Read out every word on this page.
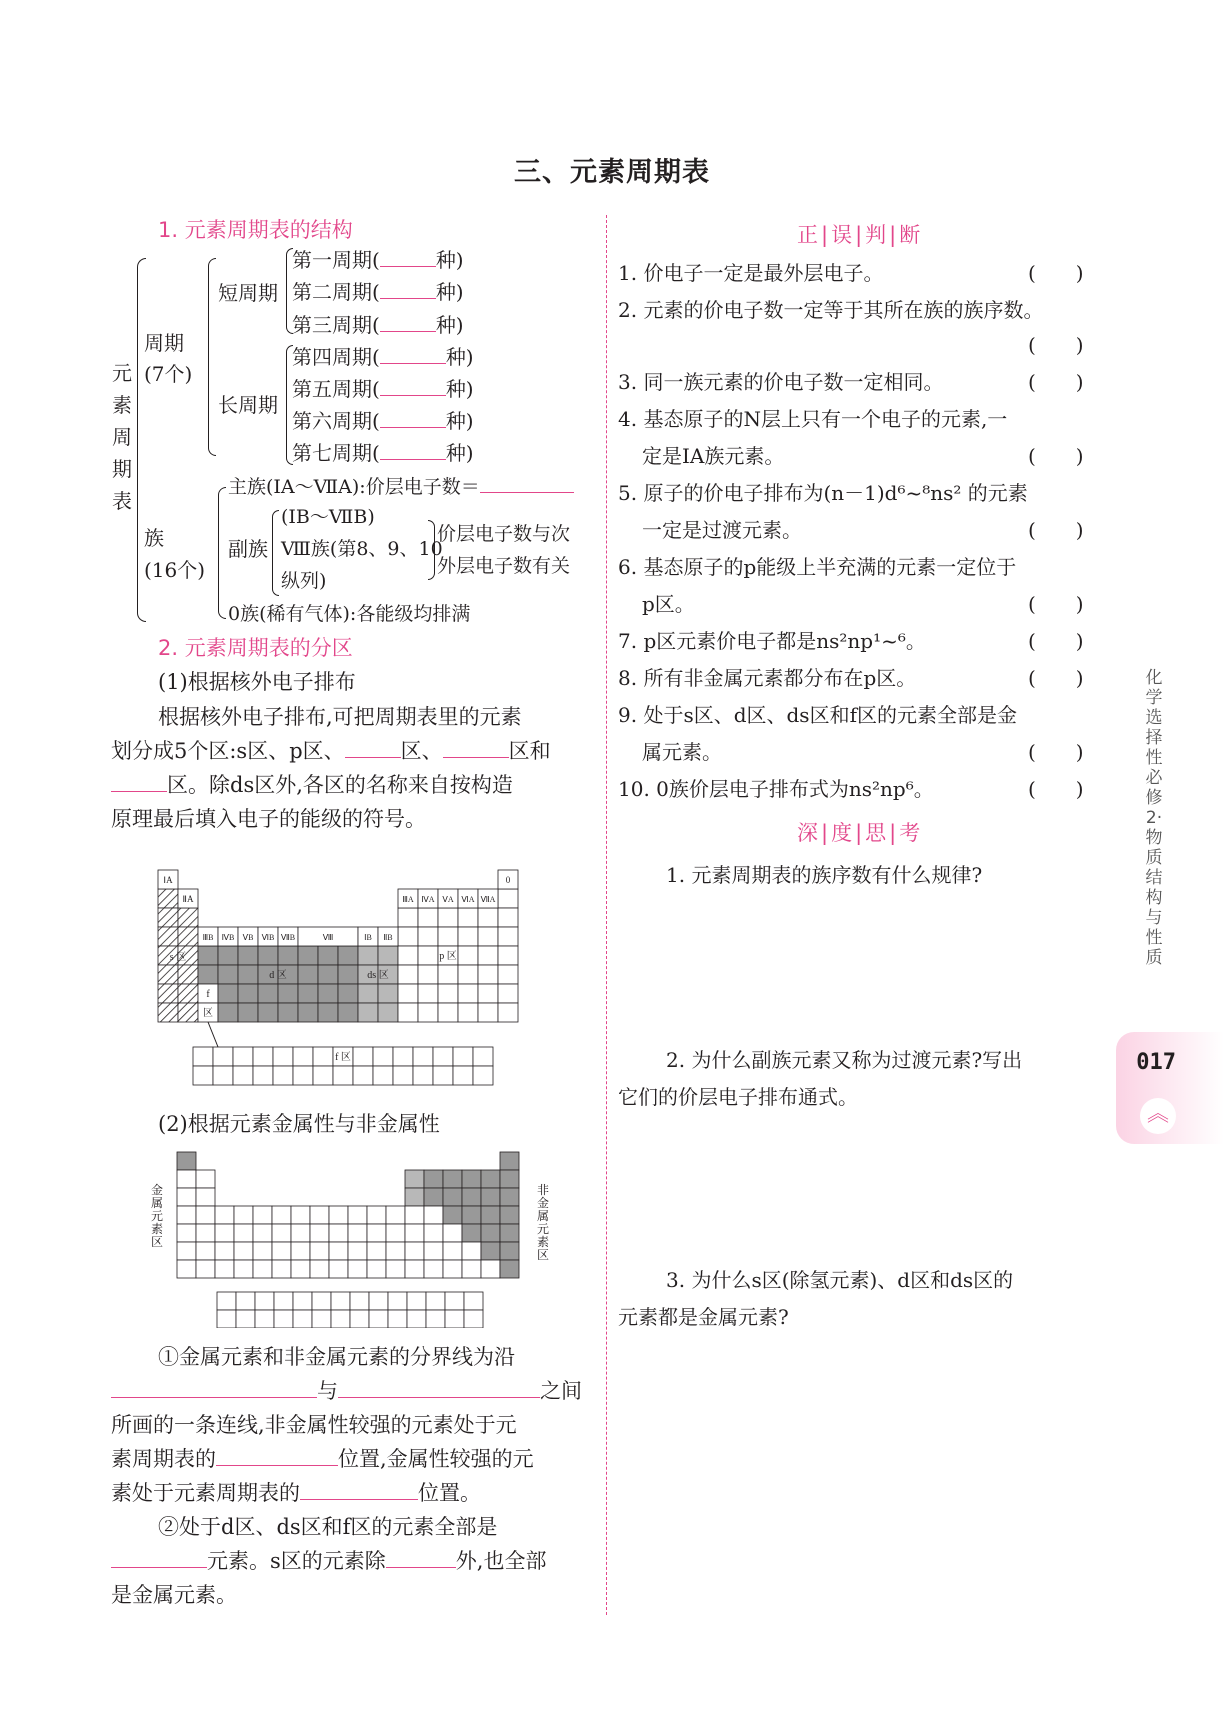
三、元素周期表
1. 元素周期表的结构
元
素
周
期
表
周期
(7个)
短周期
长周期
第一周期(	种)
第二周期(	种)
第三周期(	种)
第四周期(	种)
第五周期(	种)
第六周期(	种)
第七周期(	种)
族
(16个)
主族(ⅠA～ⅦA):价层电子数＝
副族
(ⅠB～ⅦB)
Ⅷ族(第8、9、10
纵列)
价层电子数与次
外层电子数有关
0族(稀有气体):各能级均排满
2. 元素周期表的分区
(1)根据核外电子排布
根据核外电子排布,可把周期表里的元素
划分成5个区:s区、p区、	区、	区和
区。除ds区外,各区的名称来自按构造
原理最后填入电子的能级的符号。
ⅠA
ⅡA
0
ⅢA ⅣA ⅤA ⅥA ⅦA
ⅢB ⅣB ⅤB ⅥB ⅦB	Ⅷ	ⅠB ⅡB
s 区
d 区	ds 区
p 区
f
区
f 区
(2)根据元素金属性与非金属性
金
属
元
素
区
非
金
属
元
素
区
①金属元素和非金属元素的分界线为沿
与	之间
所画的一条连线,非金属性较强的元素处于元
素周期表的	位置,金属性较强的元
素处于元素周期表的	位置。
②处于d区、ds区和f区的元素全部是
元素。s区的元素除	外,也全部
是金属元素。
正|误|判|断
1. 价电子一定是最外层电子。	(　　)
2. 元素的价电子数一定等于其所在族的族序数。
(　　)
3. 同一族元素的价电子数一定相同。	(　　)
4. 基态原子的N层上只有一个电子的元素,一
定是ⅠA族元素。	(　　)
5. 原子的价电子排布为(n－1)d⁶~⁸ns² 的元素
一定是过渡元素。	(　　)
6. 基态原子的p能级上半充满的元素一定位于
p区。	(　　)
7. p区元素价电子都是ns²np¹~⁶。	(　　)
8. 所有非金属元素都分布在p区。	(　　)
9. 处于s区、d区、ds区和f区的元素全部是金
属元素。	(　　)
10. 0族价层电子排布式为ns²np⁶。	(　　)
深|度|思|考
1. 元素周期表的族序数有什么规律?
2. 为什么副族元素又称为过渡元素?写出
它们的价层电子排布通式。
3. 为什么s区(除氢元素)、d区和ds区的
元素都是金属元素?
化学 选择性必修2·物质结构与性质
017
︽
